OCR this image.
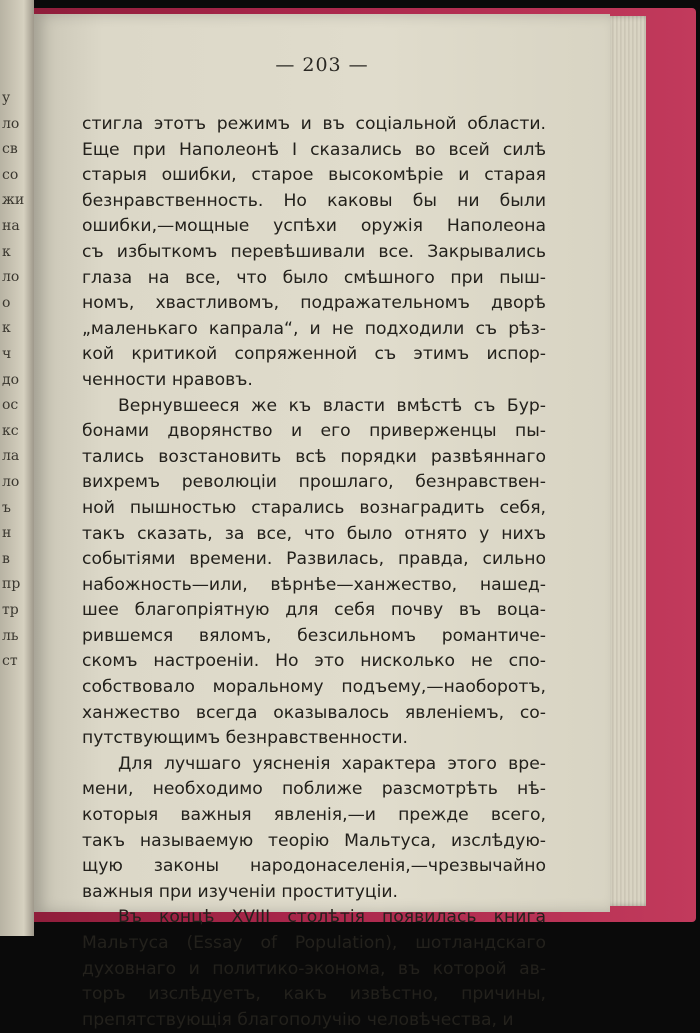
у
ло
св
со
жи
на
к
ло
о
к
ч
до
ос
кс
ла
ло
ъ
н
в
пр
тр
ль
ст
— 203 —
стигла этотъ режимъ и въ соціальной области.
Еще при Наполеонѣ I сказались во всей силѣ
старыя ошибки, старое высокомѣріе и старая
безнравственность. Но каковы бы ни были
ошибки,—мощные успѣхи оружія Наполеона
съ избыткомъ перевѣшивали все. Закрывались
глаза на все, что было смѣшного при пыш-
номъ, хвастливомъ, подражательномъ дворѣ
„маленькаго капрала“, и не подходили съ рѣз-
кой критикой сопряженной съ этимъ испор-
ченности нравовъ.
Вернувшееся же къ власти вмѣстѣ съ Бур-
бонами дворянство и его приверженцы пы-
тались возстановить всѣ порядки развѣяннаго
вихремъ революціи прошлаго, безнравствен-
ной пышностью старались вознаградить себя,
такъ сказать, за все, что было отнято у нихъ
событіями времени. Развилась, правда, сильно
набожность—или, вѣрнѣе—ханжество, нашед-
шее благопріятную для себя почву въ воца-
рившемся вяломъ, безсильномъ романтиче-
скомъ настроеніи. Но это нисколько не спо-
собствовало моральному подъему,—наоборотъ,
ханжество всегда оказывалось явленіемъ, со-
путствующимъ безнравственности.
Для лучшаго уясненія характера этого вре-
мени, необходимо поближе разсмотрѣть нѣ-
которыя важныя явленія,—и прежде всего,
такъ называемую теорію Мальтуса, изслѣдую-
щую законы народонаселенія,—чрезвычайно
важныя при изученіи проституціи.
Въ концѣ XVIII столѣтія появилась книга
Мальтуса (Essay of Population), шотландскаго
духовнаго и политико-эконома, въ которой ав-
торъ изслѣдуетъ, какъ извѣстно, причины,
препятствующія благополучію человѣчества, и
